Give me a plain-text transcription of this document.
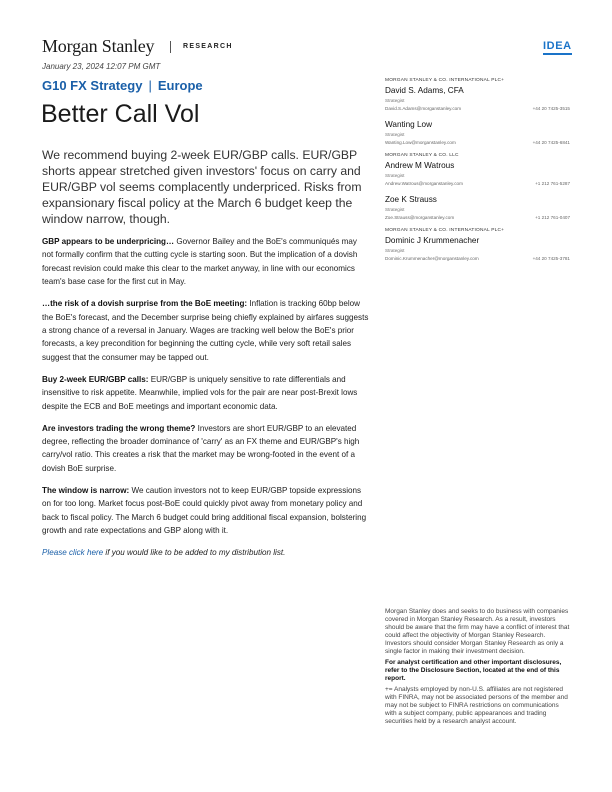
Morgan Stanley	RESEARCH	IDEA
January 23, 2024 12:07 PM GMT
G10 FX Strategy | Europe
Better Call Vol

We recommend buying 2-week EUR/GBP calls. EUR/GBP shorts appear stretched given investors' focus on carry and EUR/GBP vol seems complacently underpriced. Risks from expansionary fiscal policy at the March 6 budget keep the window narrow, though.

GBP appears to be underpricing… Governor Bailey and the BoE's communiqués may not formally confirm that the cutting cycle is starting soon. But the implication of a dovish forecast revision could make this clear to the market anyway, in line with our economics team's base case for the first cut in May.

…the risk of a dovish surprise from the BoE meeting: Inflation is tracking 60bp below the BoE's forecast, and the December surprise being chiefly explained by airfares suggests a strong chance of a reversal in January. Wages are tracking well below the BoE's prior forecasts, a key precondition for beginning the cutting cycle, while very soft retail sales suggest that the consumer may be tapped out.

Buy 2-week EUR/GBP calls: EUR/GBP is uniquely sensitive to rate differentials and insensitive to risk appetite. Meanwhile, implied vols for the pair are near post-Brexit lows despite the ECB and BoE meetings and important economic data.

Are investors trading the wrong theme? Investors are short EUR/GBP to an elevated degree, reflecting the broader dominance of 'carry' as an FX theme and EUR/GBP's high carry/vol ratio. This creates a risk that the market may be wrong-footed in the event of a dovish BoE surprise.

The window is narrow: We caution investors not to keep EUR/GBP topside expressions on for too long. Market focus post-BoE could quickly pivot away from monetary policy and back to fiscal policy. The March 6 budget could bring additional fiscal expansion, bolstering growth and rate expectations and GBP along with it.

Please click here if you would like to be added to my distribution list.

MORGAN STANLEY & CO. INTERNATIONAL PLC+
David S. Adams, CFA
Strategist
David.S.Adams@morganstanley.com	+44 20 7425-3515
Wanting Low
Strategist
Wanting.Low@morganstanley.com	+44 20 7425-6841
MORGAN STANLEY & CO. LLC
Andrew M Watrous
Strategist
Andrew.Watrous@morganstanley.com	+1 212 761-5287
Zoe K Strauss
Strategist
Zoe.Strauss@morganstanley.com	+1 212 761-0407
MORGAN STANLEY & CO. INTERNATIONAL PLC+
Dominic J Krummenacher
Strategist
Dominic.Krummenacher@morganstanley.com	+44 20 7425-3781

Morgan Stanley does and seeks to do business with companies covered in Morgan Stanley Research. As a result, investors should be aware that the firm may have a conflict of interest that could affect the objectivity of Morgan Stanley Research. Investors should consider Morgan Stanley Research as only a single factor in making their investment decision.

For analyst certification and other important disclosures, refer to the Disclosure Section, located at the end of this report.

+= Analysts employed by non-U.S. affiliates are not registered with FINRA, may not be associated persons of the member and may not be subject to FINRA restrictions on communications with a subject company, public appearances and trading securities held by a research analyst account.
